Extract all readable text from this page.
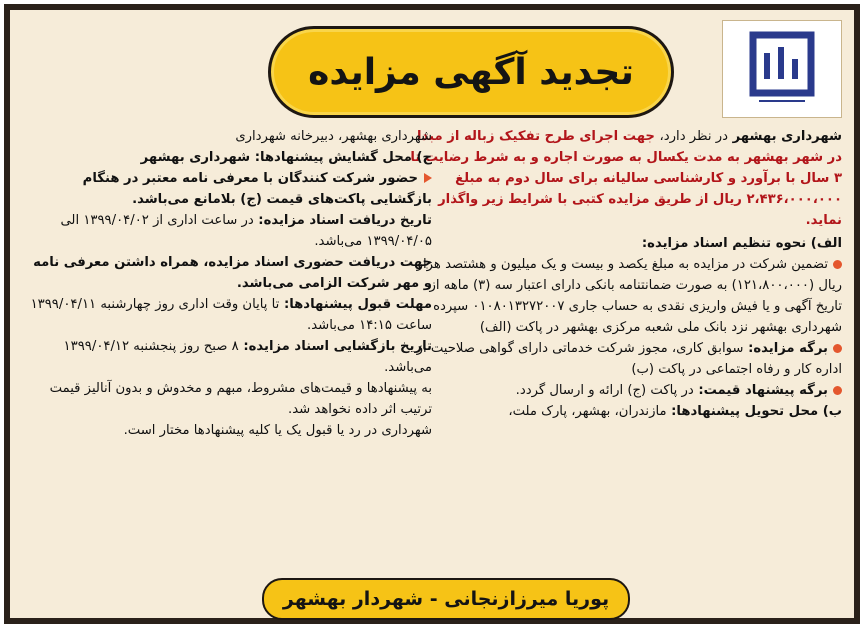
تجدید آگهی مزایده

شهرداری بهشهر در نظر دارد، جهت اجرای طرح تفکیک زباله از مبدا در شهر بهشهر به مدت یکسال به صورت اجاره و به شرط رضایت تا ۳ سال با برآورد و کارشناسی سالیانه برای سال دوم به مبلغ ۲،۴۳۶،۰۰۰،۰۰۰ ریال از طریق مزایده کتبی با شرایط زیر واگذار نماید.

الف) نحوه تنظیم اسناد مزایده:

تضمین شرکت در مزایده به مبلغ یکصد و بیست و یک میلیون و هشتصد هزار ریال (۱۲۱،۸۰۰،۰۰۰) به صورت ضمانتنامه بانکی دارای اعتبار سه (۳) ماهه از تاریخ آگهی و یا فیش واریزی نقدی به حساب جاری ۰۱۰۸۰۱۳۲۷۲۰۰۷ سپرده شهرداری بهشهر نزد بانک ملی شعبه مرکزی بهشهر در پاکت (الف)

برگه مزایده: سوابق کاری، مجوز شرکت خدماتی دارای گواهی صلاحیت از اداره کار و رفاه اجتماعی در پاکت (ب)

برگه پیشنهاد قیمت: در پاکت (ج) ارائه و ارسال گردد.

ب) محل تحویل پیشنهادها: مازندران، بهشهر، پارک ملت،

شهرداری بهشهر، دبیرخانه شهرداری

ج) محل گشایش پیشنهادها: شهرداری بهشهر

حضور شرکت کنندگان با معرفی نامه معتبر در هنگام بازگشایی پاکت‌های قیمت (ج) بلامانع می‌باشد.

تاریخ دریافت اسناد مزایده: در ساعت اداری از ۱۳۹۹/۰۴/۰۲ الی ۱۳۹۹/۰۴/۰۵ می‌باشد.

جهت دریافت حضوری اسناد مزایده، همراه داشتن معرفی نامه و مهر شرکت الزامی می‌باشد.

مهلت قبول پیشنهادها: تا پایان وقت اداری روز چهارشنبه ۱۳۹۹/۰۴/۱۱ ساعت ۱۴:۱۵ می‌باشد.

تاریخ بازگشایی اسناد مزایده: ۸ صبح روز پنجشنبه ۱۳۹۹/۰۴/۱۲ می‌باشد.

به پیشنهادها و قیمت‌های مشروط، مبهم و مخدوش و بدون آنالیز قیمت ترتیب اثر داده نخواهد شد.

شهرداری در رد یا قبول یک یا کلیه پیشنهادها مختار است.

پوریا میرزازنجانی - شهردار بهشهر
